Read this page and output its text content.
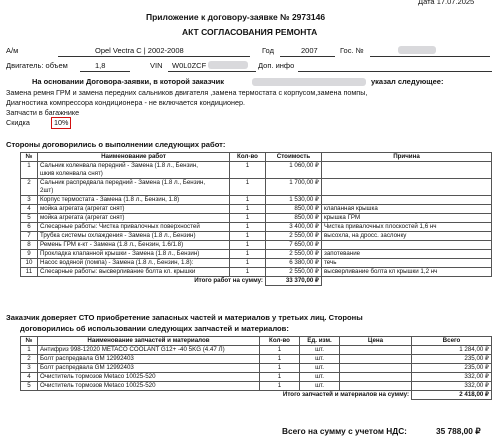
Дата 17.07.2025
Приложение к договору-заявке № 2973146
АКТ СОГЛАСОВАНИЯ РЕМОНТА
А/м	Opel Vectra C | 2002-2008	Год	2007	Гос. №
Двигатель: объем	1,8	VIN W0L0ZCF	Доп. инфо
На основании Договора-заявки, в которой заказчик	указал следующее:
Замена ремня ГРМ и замена передних сальников двигателя ,замена термостата с корпусом,замена помпы,
Диагностика компрессора кондиционера - не включается кондиционер.
Запчасти в багажнике
Скидка	10%
Стороны договорились о выполнении следующих работ:
№	Наименование работ	Кол-во	Стоимость	Причина
1	Сальник коленвала передний - Замена (1.8 л., Бензин,
шкив коленвала снят)	1	1 060,00 ₽	
2	Сальник распредвала передний - Замена (1.8 л., Бензин,
2шт)	1	1 700,00 ₽	
3	Корпус термостата - Замена (1.8 л., Бензин, 1.8)	1	1 530,00 ₽	
4	мойка агрегата (агрегат снят)	1	850,00 ₽	клапанная крышка
5	мойка агрегата (агрегат снят)	1	850,00 ₽	крышка ГРМ
6	Слесарные работы: Чистка привалочных поверхностей	1	3 400,00 ₽	Чистка привалочных плоскостей 1,6 нч
7	Трубка системы охлаждения - Замена (1.8 л., Бензин)	1	2 550,00 ₽	высохла, на дросс. заслонку
8	Ремень ГРМ к-кт - Замена (1.8 л., Бензин, 1.6/1.8)	1	7 650,00 ₽	
9	Прокладка клапанной крышки - Замена (1.8 л., Бензин)	1	2 550,00 ₽	запотевание
10	Насос водяной (помпа) - Замена (1.8 л., Бензин, 1.8):	1	6 380,00 ₽	течь
11	Слесарные работы: высверливание болта кл. крышки	1	2 550,00 ₽	высверливание болта кл крышки 1,2 нч
Итого работ на сумму:			33 370,00 ₽	
Заказчик доверяет СТО приобретение запасных частей и материалов у третьих лиц. Стороны
договорились об использовании следующих запчастей и материалов:
№	Наименование запчастей и материалов	Кол-во	Ед. изм.	Цена	Всего
1	Антифриз 998-12020 METACO COOLANT G12+ -40 5KG (4.47 Л)	1	шт.		1 284,00 ₽
2	Болт распредвала GM 12992403	1	шт.		235,00 ₽
3	Болт распредвала GM 12992403	1	шт.		235,00 ₽
4	Очиститель тормозов Metaco 10025-520	1	шт.		332,00 ₽
5	Очиститель тормозов Metaco 10025-520	1	шт.		332,00 ₽
Итого запчастей и материалов на сумму:					2 418,00 ₽
Всего на сумму с учетом НДС:	35 788,00 ₽
